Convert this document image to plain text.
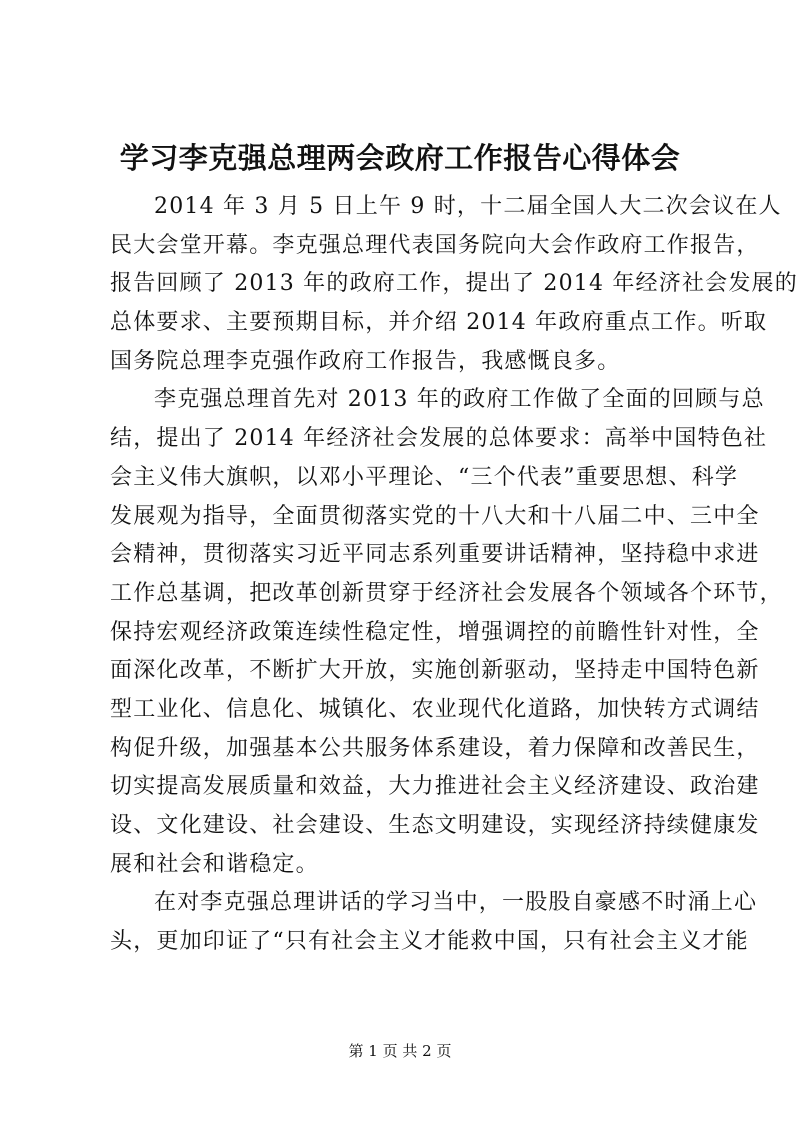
学习李克强总理两会政府工作报告心得体会
2014 年 3 月 5 日上午 9 时，十二届全国人大二次会议在人
民大会堂开幕。李克强总理代表国务院向大会作政府工作报告，
报告回顾了 2013 年的政府工作，提出了 2014 年经济社会发展的
总体要求、主要预期目标，并介绍 2014 年政府重点工作。听取
国务院总理李克强作政府工作报告，我感慨良多。
李克强总理首先对 2013 年的政府工作做了全面的回顾与总
结，提出了 2014 年经济社会发展的总体要求：高举中国特色社
会主义伟大旗帜，以邓小平理论、“三个代表”重要思想、科学
发展观为指导，全面贯彻落实党的十八大和十八届二中、三中全
会精神，贯彻落实习近平同志系列重要讲话精神，坚持稳中求进
工作总基调，把改革创新贯穿于经济社会发展各个领域各个环节，
保持宏观经济政策连续性稳定性，增强调控的前瞻性针对性，全
面深化改革，不断扩大开放，实施创新驱动，坚持走中国特色新
型工业化、信息化、城镇化、农业现代化道路，加快转方式调结
构促升级，加强基本公共服务体系建设，着力保障和改善民生，
切实提高发展质量和效益，大力推进社会主义经济建设、政治建
设、文化建设、社会建设、生态文明建设，实现经济持续健康发
展和社会和谐稳定。
在对李克强总理讲话的学习当中，一股股自豪感不时涌上心
头，更加印证了“只有社会主义才能救中国，只有社会主义才能
第 1 页 共 2 页
